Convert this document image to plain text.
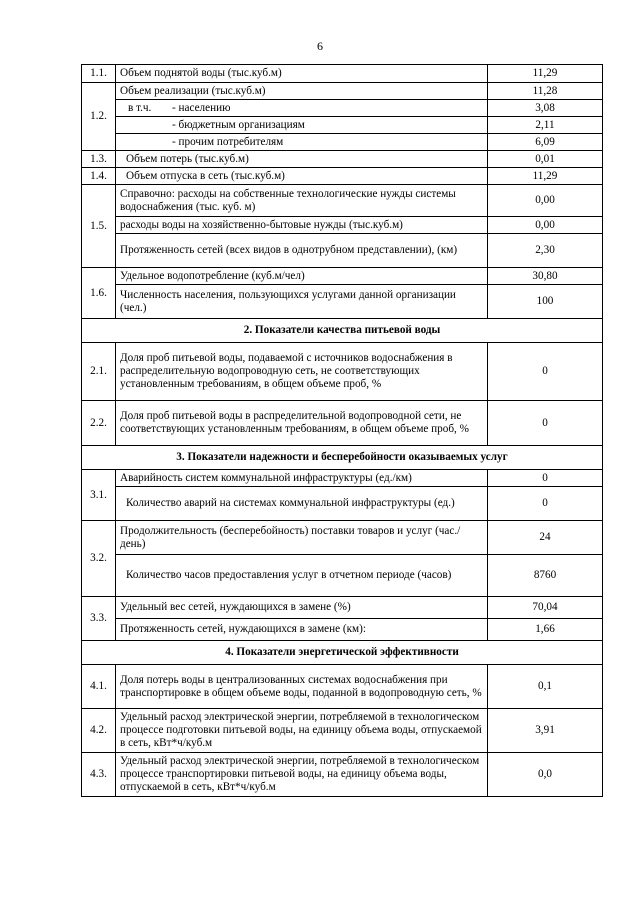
6
1.1.	Объем поднятой воды (тыс.куб.м)	11,29
1.2.	Объем реализации (тыс.куб.м)	11,28
	в т.ч. - населению	3,08
	- бюджетным организациям	2,11
	- прочим потребителям	6,09
1.3.	Объем потерь (тыс.куб.м)	0,01
1.4.	Объем отпуска в сеть (тыс.куб.м)	11,29
1.5.	Справочно: расходы на собственные технологические нужды системы водоснабжения (тыс. куб. м)	0,00
	расходы воды на хозяйственно-бытовые нужды (тыс.куб.м)	0,00
	Протяженность сетей (всех видов в однотрубном представлении), (км)	2,30
1.6.	Удельное водопотребление (куб.м/чел)	30,80
	Численность населения, пользующихся услугами данной организации (чел.)	100
2. Показатели качества питьевой воды		
2.1.	Доля проб питьевой воды, подаваемой с источников водоснабжения в распределительную водопроводную сеть, не соответствующих установленным требованиям, в общем объеме проб, %	0
2.2.	Доля проб питьевой воды в распределительной водопроводной сети, не соответствующих установленным требованиям, в общем объеме проб, %	0
3. Показатели надежности и бесперебойности оказываемых услуг		
3.1.	Аварийность систем коммунальной инфраструктуры (ед./км)	0
	Количество аварий на системах коммунальной инфраструктуры (ед.)	0
3.2.	Продолжительность (бесперебойность) поставки товаров и услуг (час./день)	24
	Количество часов предоставления услуг в отчетном периоде (часов)	8760
3.3.	Удельный вес сетей, нуждающихся в замене (%)	70,04
	Протяженность сетей, нуждающихся в замене (км):	1,66
4. Показатели энергетической эффективности		
4.1.	Доля потерь воды в централизованных системах водоснабжения при транспортировке в общем объеме воды, поданной в водопроводную сеть, %	0,1
4.2.	Удельный расход электрической энергии, потребляемой в технологическом процессе подготовки питьевой воды, на единицу объема воды, отпускаемой в сеть, кВт*ч/куб.м	3,91
4.3.	Удельный расход электрической энергии, потребляемой в технологическом процессе транспортировки питьевой воды, на единицу объема воды, отпускаемой в сеть, кВт*ч/куб.м	0,0
